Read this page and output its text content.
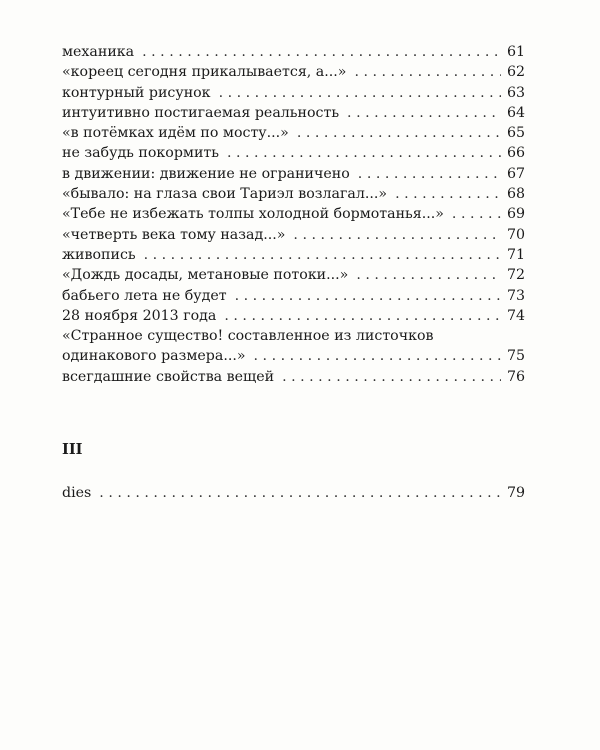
механика . . .	61
«кореец сегодня прикалывается, а...» . . .	62
контурный рисунок . . .	63
интуитивно постигаемая реальность . . .	64
«в потёмках идём по мосту...» . . .	65
не забудь покормить . . .	66
в движении: движение не ограничено . . .	67
«бывало: на глаза свои Тариэл возлагал...» . . .	68
«Тебе не избежать толпы холодной бормотанья...» . . .	69
«четверть века тому назад...» . . .	70
живопись . . .	71
«Дождь досады, метановые потоки...» . . .	72
бабьего лета не будет . . .	73
28 ноября 2013 года . . .	74
«Странное существо! составленное из листочков
одинакового размера...» . . .	75
всегдашние свойства вещей . . .	76
III
dies . . .	79
